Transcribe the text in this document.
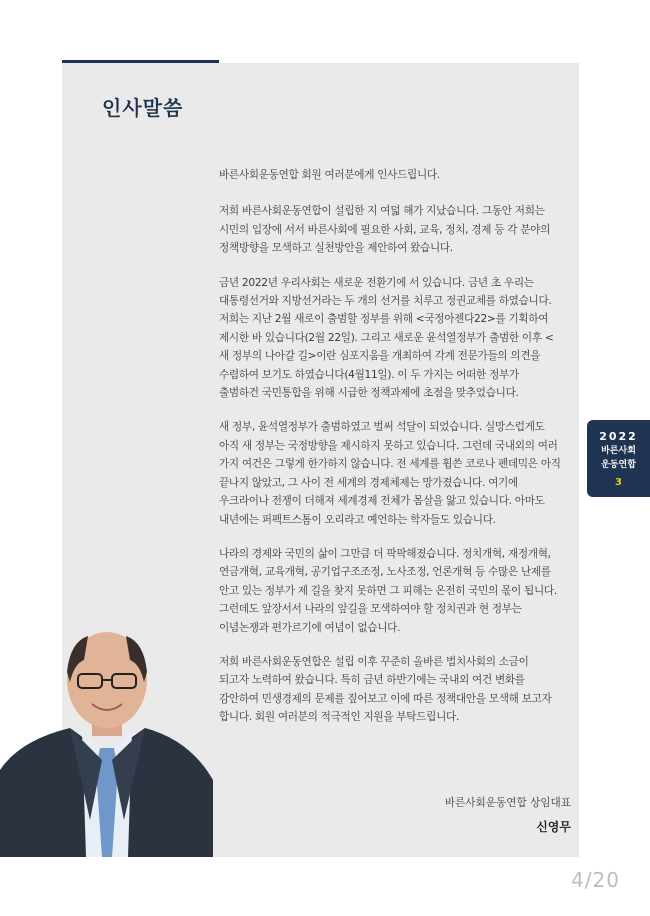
인사말씀

바른사회운동연합 회원 여러분에게 인사드립니다.

저희 바른사회운동연합이 설립한 지 여덟 해가 지났습니다. 그동안 저희는 시민의 입장에 서서 바른사회에 필요한 사회, 교육, 정치, 경제 등 각 분야의 정책방향을 모색하고 실천방안을 제안하여 왔습니다.

금년 2022년 우리사회는 새로운 전환기에 서 있습니다. 금년 초 우리는 대통령선거와 지방선거라는 두 개의 선거를 치루고 정권교체를 하였습니다. 저희는 지난 2월 새로이 출범할 정부를 위해 <국정아젠다22>를 기획하여 제시한 바 있습니다(2월 22일). 그리고 새로운 윤석열정부가 출범한 이후 <새 정부의 나아갈 길>이란 심포지움을 개최하여 각계 전문가들의 의견을 수렴하여 보기도 하였습니다(4월11일). 이 두 가지는 어떠한 정부가 출범하건 국민통합을 위해 시급한 정책과제에 초점을 맞추었습니다.

새 정부, 윤석열정부가 출범하였고 벌써 석달이 되었습니다. 실망스럽게도 아직 새 정부는 국정방향을 제시하지 못하고 있습니다. 그런데 국내외의 여러 가지 여건은 그렇게 한가하지 않습니다. 전 세계를 휩쓴 코로나 펜데믹은 아직 끝나지 않았고, 그 사이 전 세계의 경제체제는 망가졌습니다. 여기에 우크라이나 전쟁이 더해져 세계경제 전체가 몸살을 앓고 있습니다. 아마도 내년에는 퍼펙트스톰이 오리라고 예언하는 학자들도 있습니다.

나라의 경제와 국민의 삶이 그만큼 더 팍팍해졌습니다. 정치개혁, 재정개혁, 연금개혁, 교육개혁, 공기업구조조정, 노사조정, 언론개혁 등 수많은 난제를 안고 있는 정부가 제 길을 찾지 못하면 그 피해는 온전히 국민의 몫이 됩니다. 그런데도 앞장서서 나라의 앞길을 모색하여야 할 정치권과 현 정부는 이념논쟁과 편가르기에 여념이 없습니다.

저희 바른사회운동연합은 설립 이후 꾸준히 올바른 법치사회의 소금이 되고자 노력하여 왔습니다. 특히 금년 하반기에는 국내외 여건 변화를 감안하여 민생경제의 문제를 짚어보고 이에 따른 정책대안을 모색해 보고자 합니다. 회원 여러분의 적극적인 지원을 부탁드립니다.

바른사회운동연합 상임대표
신영무
2022
바른사회
운동연합
3
4/20
